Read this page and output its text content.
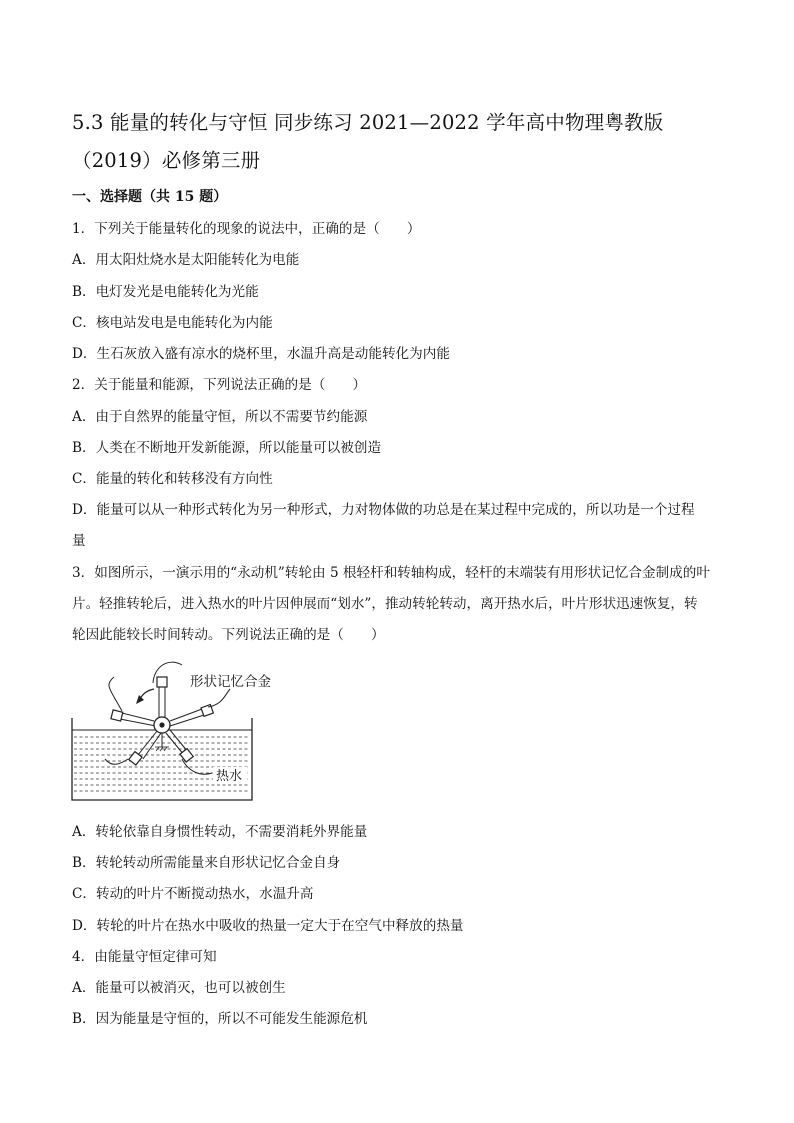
5.3 能量的转化与守恒 同步练习 2021—2022 学年高中物理粤教版
（2019）必修第三册
一、选择题（共 15 题）
1．下列关于能量转化的现象的说法中，正确的是（　　）
A．用太阳灶烧水是太阳能转化为电能
B．电灯发光是电能转化为光能
C．核电站发电是电能转化为内能
D．生石灰放入盛有凉水的烧杯里，水温升高是动能转化为内能
2．关于能量和能源，下列说法正确的是（　　）
A．由于自然界的能量守恒，所以不需要节约能源
B．人类在不断地开发新能源，所以能量可以被创造
C．能量的转化和转移没有方向性
D．能量可以从一种形式转化为另一种形式，力对物体做的功总是在某过程中完成的，所以功是一个过程
量
3．如图所示，一演示用的“永动机”转轮由 5 根轻杆和转轴构成，轻杆的末端装有用形状记忆合金制成的叶
片。轻推转轮后，进入热水的叶片因伸展而“划水”，推动转轮转动，离开热水后，叶片形状迅速恢复，转
轮因此能较长时间转动。下列说法正确的是（　　）
形状记忆合金
热水
A．转轮依靠自身惯性转动，不需要消耗外界能量
B．转轮转动所需能量来自形状记忆合金自身
C．转动的叶片不断搅动热水，水温升高
D．转轮的叶片在热水中吸收的热量一定大于在空气中释放的热量
4．由能量守恒定律可知
A．能量可以被消灭，也可以被创生
B．因为能量是守恒的，所以不可能发生能源危机
